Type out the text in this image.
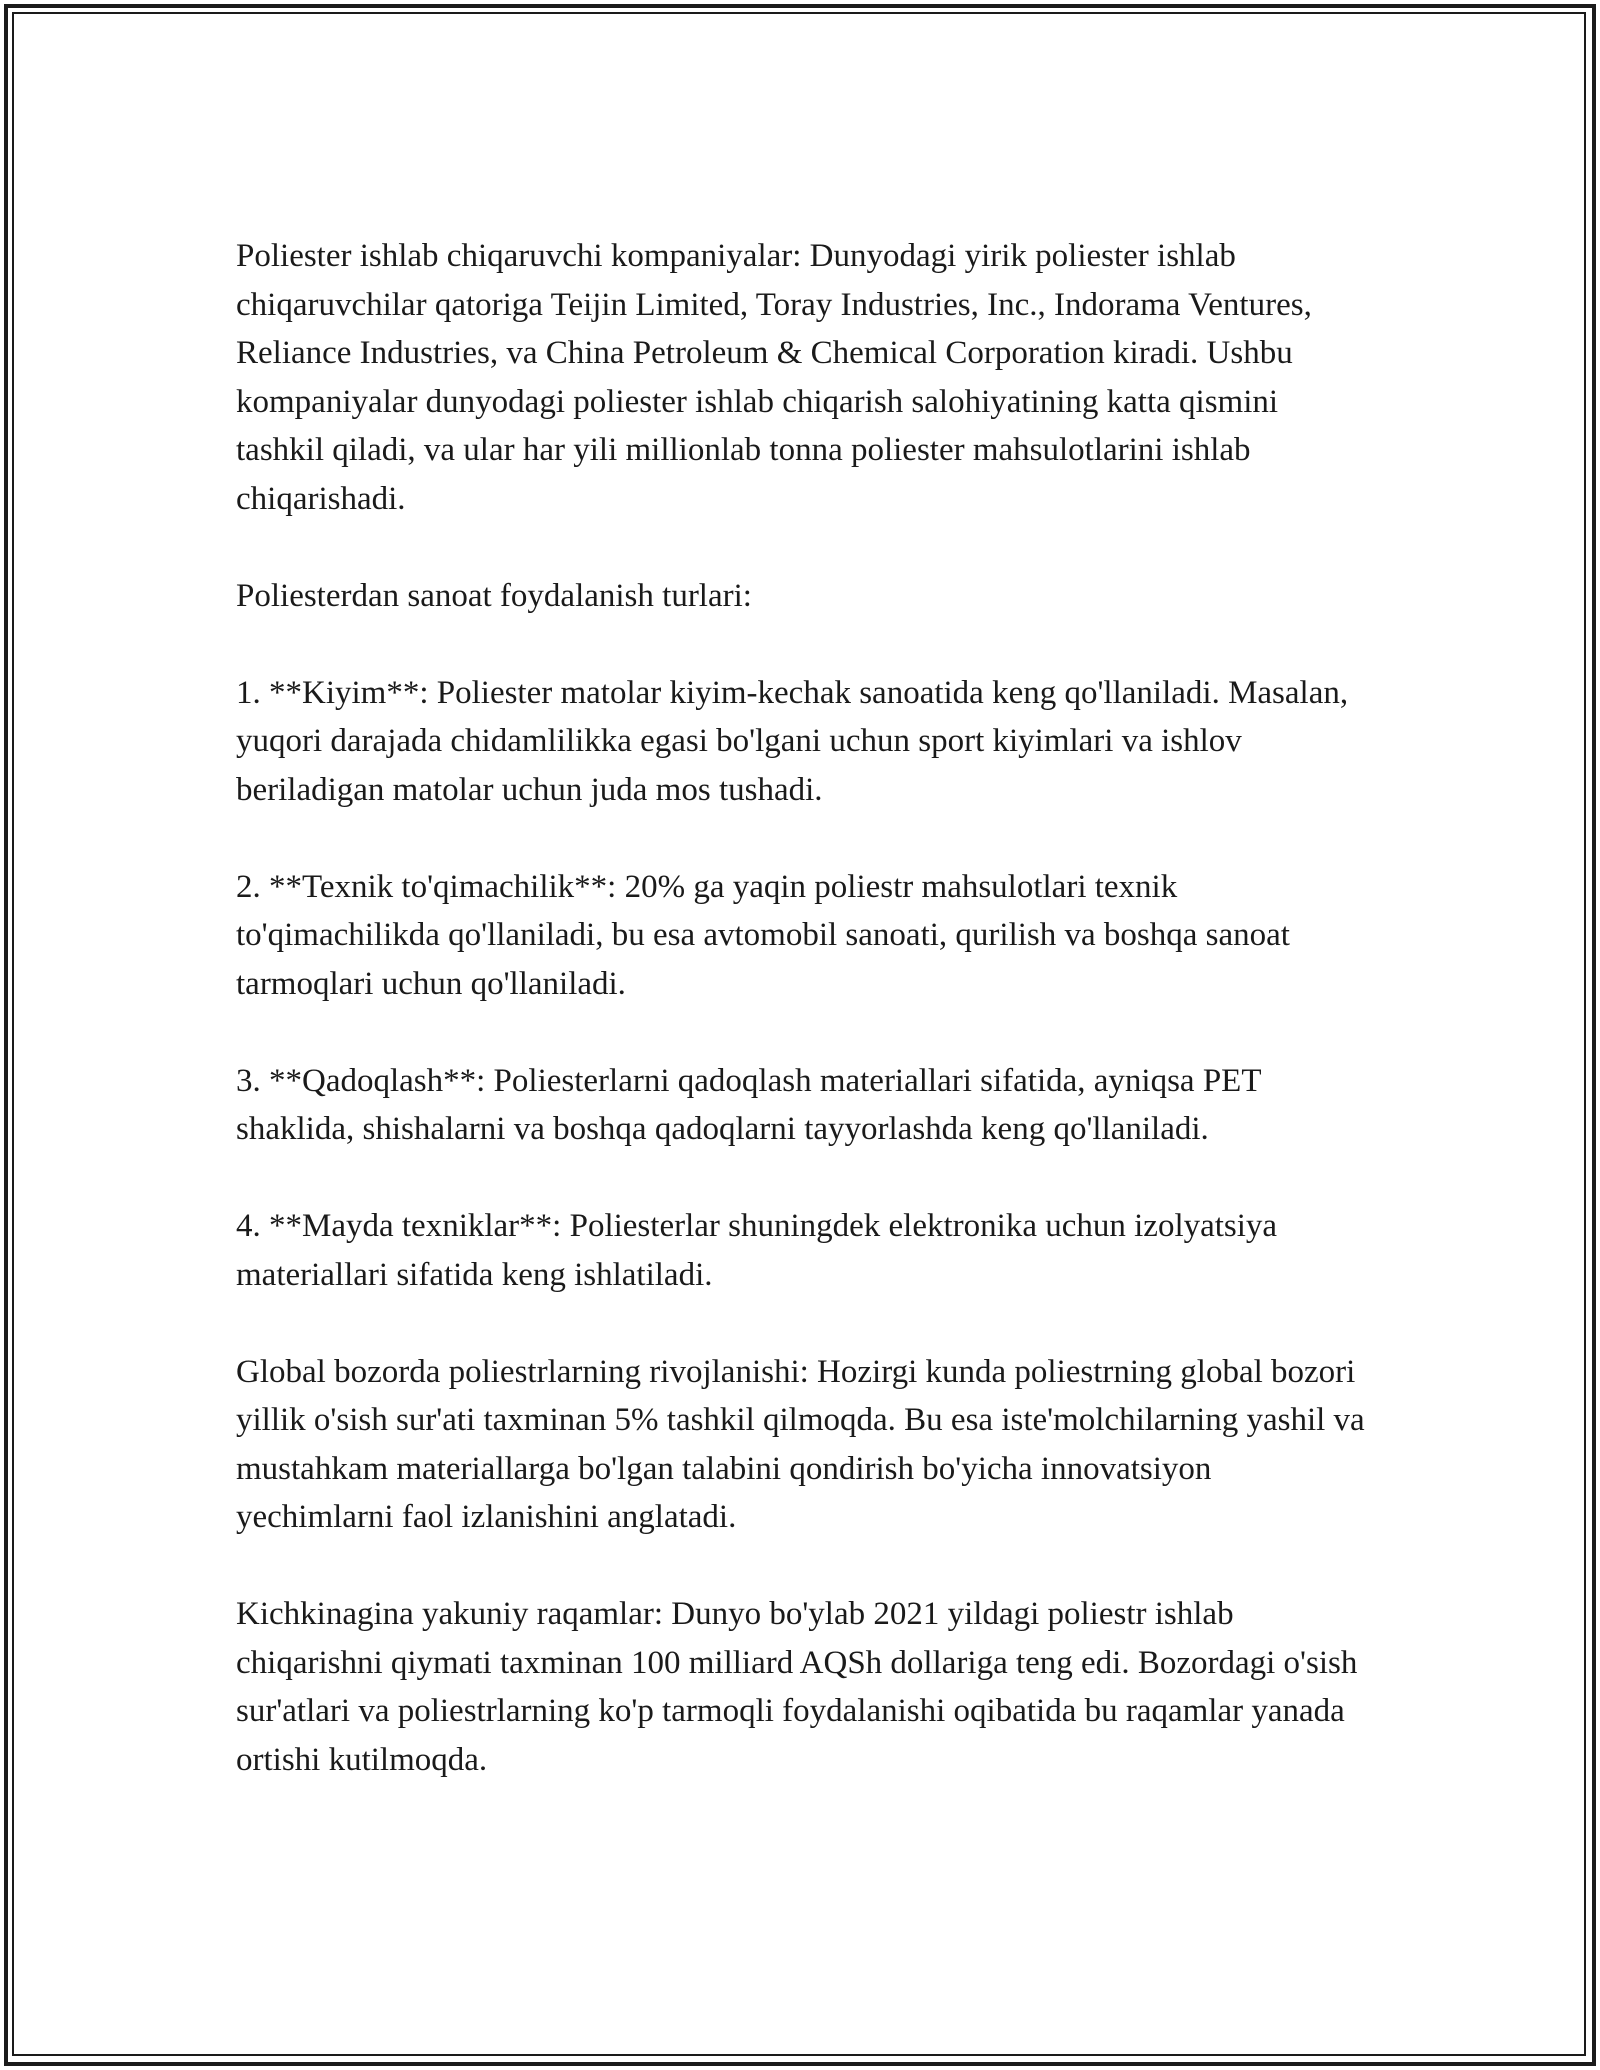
Poliester ishlab chiqaruvchi kompaniyalar: Dunyodagi yirik poliester ishlab chiqaruvchilar qatoriga Teijin Limited, Toray Industries, Inc., Indorama Ventures, Reliance Industries, va China Petroleum & Chemical Corporation kiradi. Ushbu kompaniyalar dunyodagi poliester ishlab chiqarish salohiyatining katta qismini tashkil qiladi, va ular har yili millionlab tonna poliester mahsulotlarini ishlab chiqarishadi.

Poliesterdan sanoat foydalanish turlari:

1. **Kiyim**: Poliester matolar kiyim-kechak sanoatida keng qo'llaniladi. Masalan, yuqori darajada chidamlilikka egasi bo'lgani uchun sport kiyimlari va ishlov beriladigan matolar uchun juda mos tushadi.

2. **Texnik to'qimachilik**: 20% ga yaqin poliestr mahsulotlari texnik to'qimachilikda qo'llaniladi, bu esa avtomobil sanoati, qurilish va boshqa sanoat tarmoqlari uchun qo'llaniladi.

3. **Qadoqlash**: Poliesterlarni qadoqlash materiallari sifatida, ayniqsa PET shaklida, shishalarni va boshqa qadoqlarni tayyorlashda keng qo'llaniladi.

4. **Mayda texniklar**: Poliesterlar shuningdek elektronika uchun izolyatsiya materiallari sifatida keng ishlatiladi.

Global bozorda poliestrlarning rivojlanishi: Hozirgi kunda poliestrning global bozori yillik o'sish sur'ati taxminan 5% tashkil qilmoqda. Bu esa iste'molchilarning yashil va mustahkam materiallarga bo'lgan talabini qondirish bo'yicha innovatsiyon yechimlarni faol izlanishini anglatadi.

Kichkinagina yakuniy raqamlar: Dunyo bo'ylab 2021 yildagi poliestr ishlab chiqarishni qiymati taxminan 100 milliard AQSh dollariga teng edi. Bozordagi o'sish sur'atlari va poliestrlarning ko'p tarmoqli foydalanishi oqibatida bu raqamlar yanada ortishi kutilmoqda.
